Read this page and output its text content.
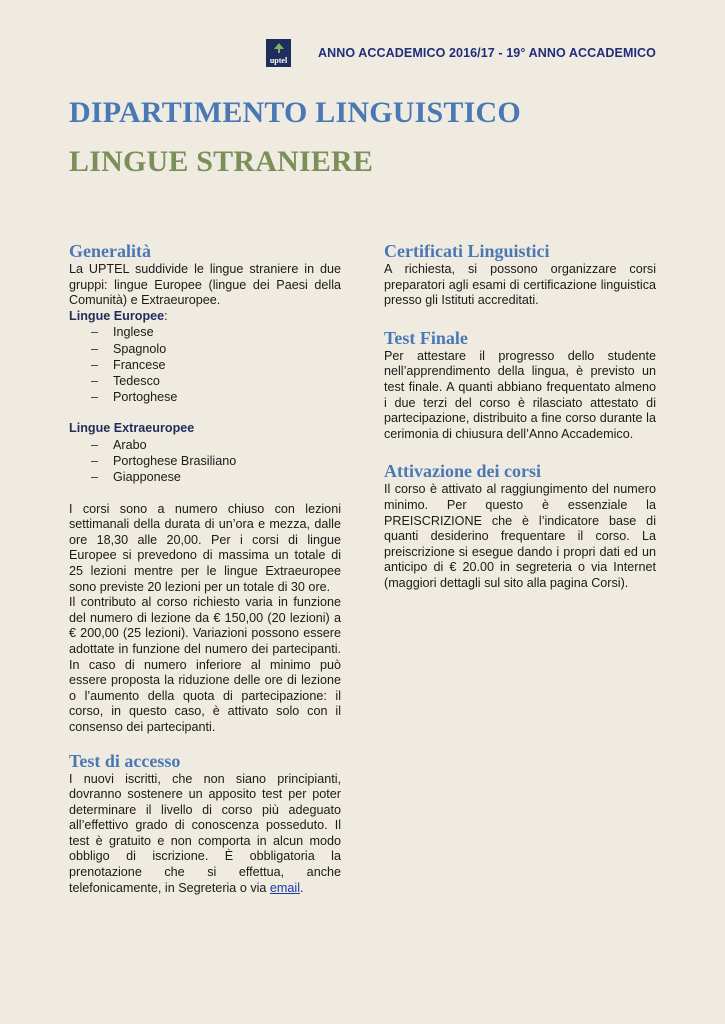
uptel
ANNO ACCADEMICO 2016/17 - 19° ANNO ACCADEMICO
DIPARTIMENTO LINGUISTICO
LINGUE STRANIERE
Generalità

La UPTEL suddivide le lingue straniere in due gruppi: lingue Europee (lingue dei Paesi della Comunità) e Extraeuropee.

Lingue Europee:
– Inglese
– Spagnolo
– Francese
– Tedesco
– Portoghese
Lingue Extraeuropee
– Arabo
– Portoghese Brasiliano
– Giapponese

I corsi sono a numero chiuso con lezioni settimanali della durata di un’ora e mezza, dalle ore 18,30 alle 20,00. Per i corsi di lingue Europee si prevedono di massima un totale di 25 lezioni mentre per le lingue Extraeuropee sono previste 20 lezioni per un totale di 30 ore.

Il contributo al corso richiesto varia in funzione del numero di lezione da € 150,00 (20 lezioni) a € 200,00 (25 lezioni). Variazioni possono essere adottate in funzione del numero dei partecipanti. In caso di numero inferiore al minimo può essere proposta la riduzione delle ore di lezione o l’aumento della quota di partecipazione: il corso, in questo caso, è attivato solo con il consenso dei partecipanti.

Test di accesso

I nuovi iscritti, che non siano principianti, dovranno sostenere un apposito test per poter determinare il livello di corso più adeguato all’effettivo grado di conoscenza posseduto. Il test è gratuito e non comporta in alcun modo obbligo di iscrizione. È obbligatoria la prenotazione che si effettua, anche telefonicamente, in Segreteria o via email.

Certificati Linguistici

A richiesta, si possono organizzare corsi preparatori agli esami di certificazione linguistica presso gli Istituti accreditati.

Test Finale

Per attestare il progresso dello studente nell’apprendimento della lingua, è previsto un test finale. A quanti abbiano frequentato almeno i due terzi del corso è rilasciato attestato di partecipazione, distribuito a fine corso durante la cerimonia di chiusura dell’Anno Accademico.

Attivazione dei corsi

Il corso è attivato al raggiungimento del numero minimo. Per questo è essenziale la PREISCRIZIONE che è l’indicatore base di quanti desiderino frequentare il corso. La preiscrizione si esegue dando i propri dati ed un anticipo di € 20.00 in segreteria o via Internet (maggiori dettagli sul sito alla pagina Corsi).
